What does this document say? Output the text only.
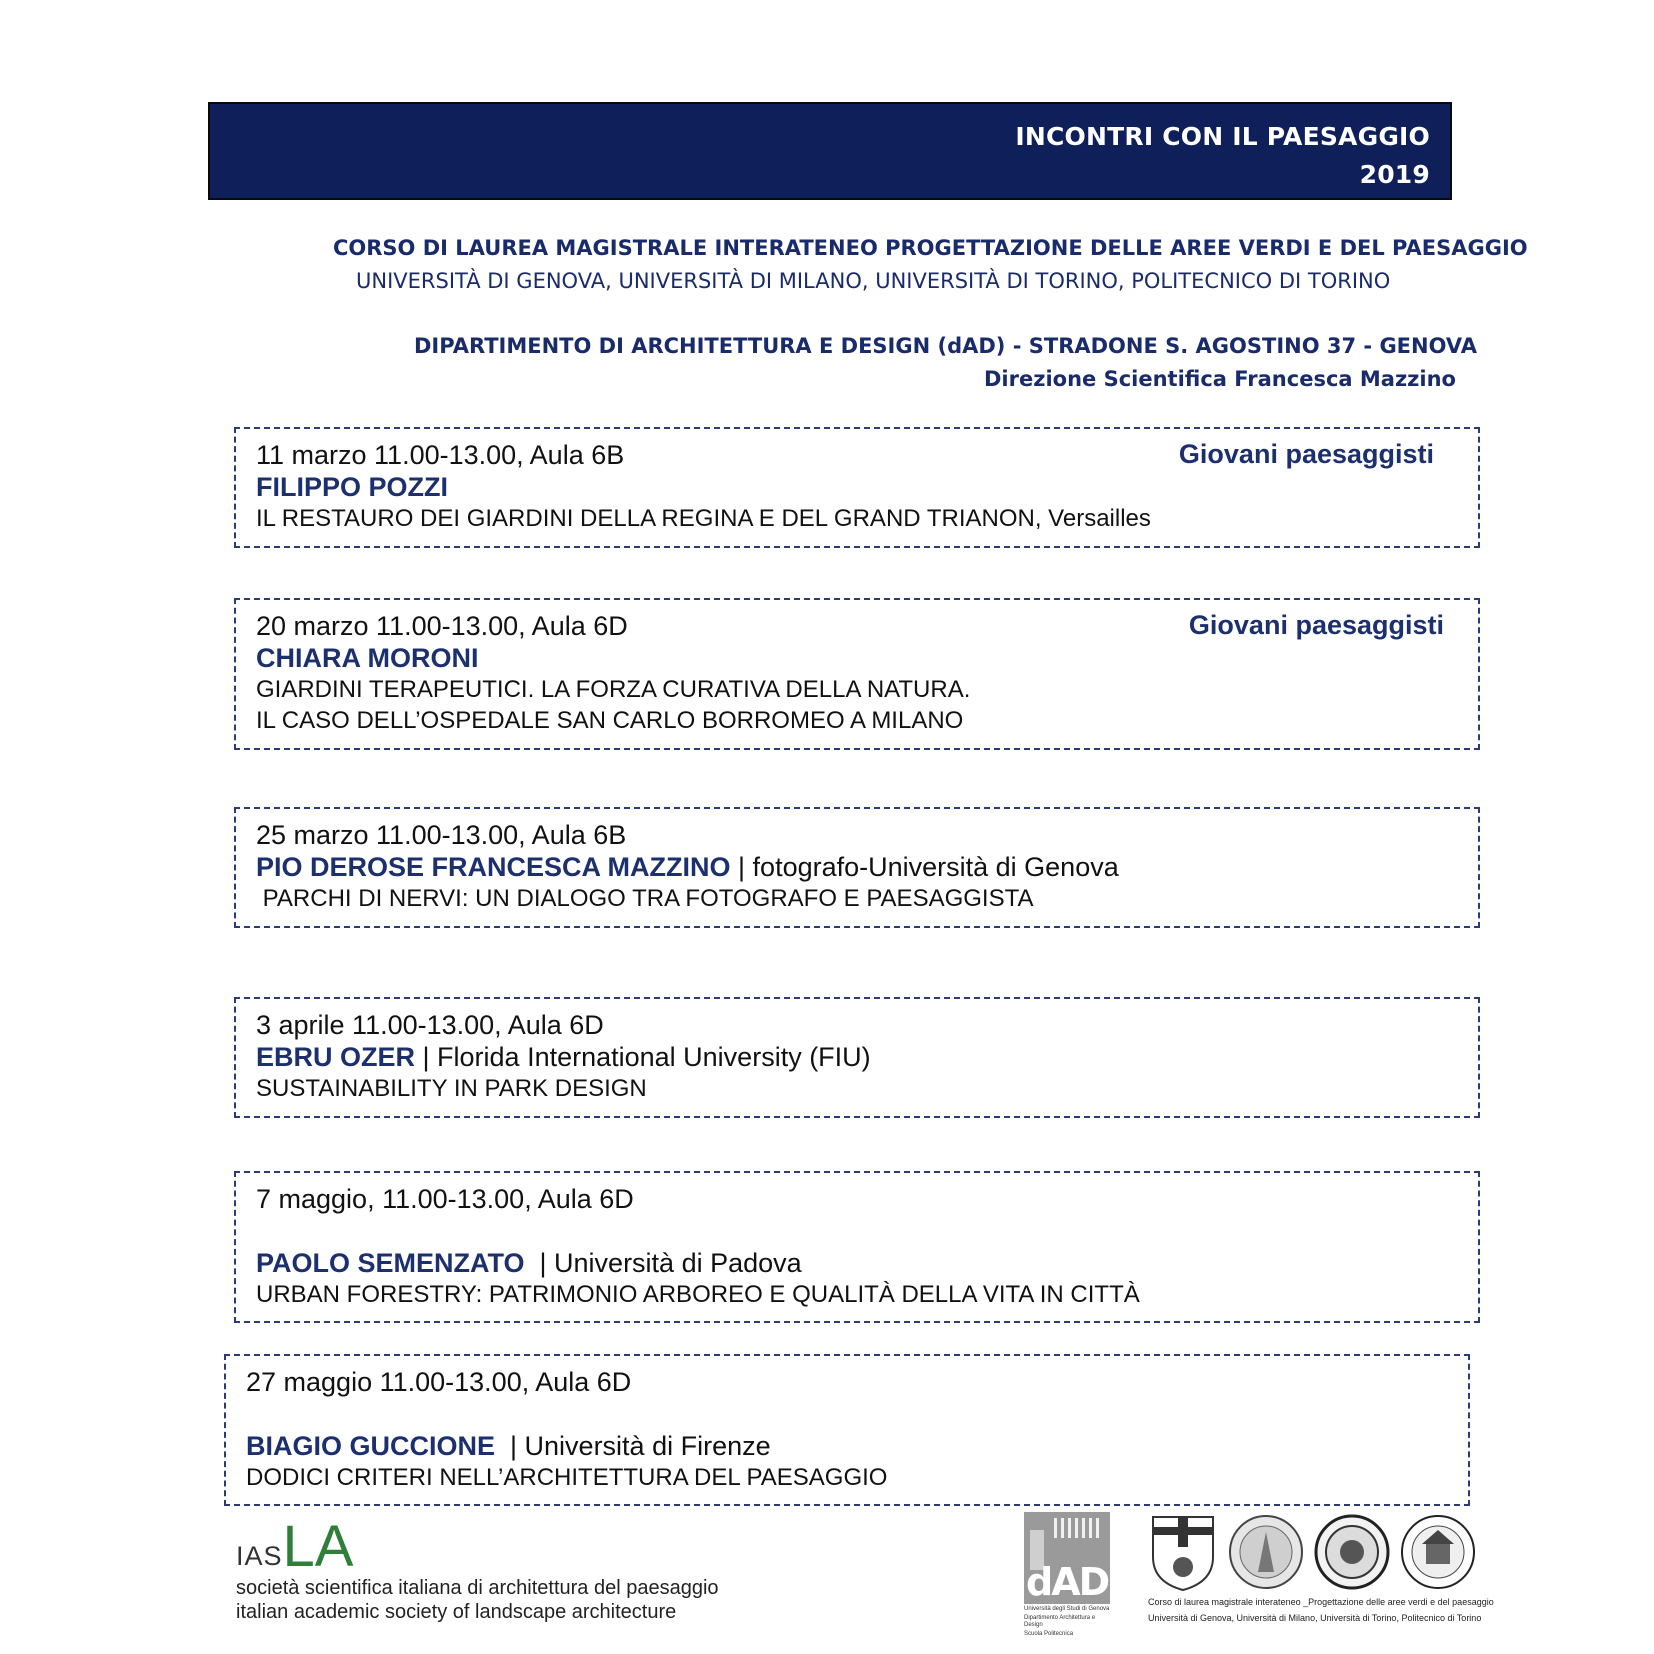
INCONTRI CON IL PAESAGGIO
2019
CORSO DI LAUREA MAGISTRALE INTERATENEO PROGETTAZIONE DELLE AREE VERDI E DEL PAESAGGIO
UNIVERSITÀ DI GENOVA, UNIVERSITÀ DI MILANO, UNIVERSITÀ DI TORINO, POLITECNICO DI TORINO
DIPARTIMENTO DI ARCHITETTURA E DESIGN (dAD) - STRADONE S. AGOSTINO 37 - GENOVA
Direzione Scientifica Francesca Mazzino
11 marzo 11.00-13.00, Aula 6B	Giovani paesaggisti
FILIPPO POZZI
IL RESTAURO DEI GIARDINI DELLA REGINA E DEL GRAND TRIANON, Versailles
20 marzo 11.00-13.00, Aula 6D	Giovani paesaggisti
CHIARA MORONI
GIARDINI TERAPEUTICI. LA FORZA CURATIVA DELLA NATURA.
IL CASO DELL’OSPEDALE SAN CARLO BORROMEO A MILANO
25 marzo 11.00-13.00, Aula 6B
PIO DEROSE FRANCESCA MAZZINO | fotografo-Università di Genova
PARCHI DI NERVI: UN DIALOGO TRA FOTOGRAFO E PAESAGGISTA
3 aprile 11.00-13.00, Aula 6D
EBRU OZER | Florida International University (FIU)
SUSTAINABILITY IN PARK DESIGN
7 maggio, 11.00-13.00, Aula 6D

PAOLO SEMENZATO  | Università di Padova
URBAN FORESTRY: PATRIMONIO ARBOREO E QUALITÀ DELLA VITA IN CITTÀ
27 maggio 11.00-13.00, Aula 6D

BIAGIO GUCCIONE  | Università di Firenze
DODICI CRITERI NELL’ARCHITETTURA DEL PAESAGGIO
IAS LA
società scientifica italiana di architettura del paesaggio
italian academic society of landscape architecture
dAD
Università degli Studi di Genova
Dipartimento Architettura e Design
Scuola Politecnica
Corso di laurea magistrale interateneo _Progettazione delle aree verdi e del paesaggio
Università di Genova, Università di Milano, Università di Torino, Politecnico di Torino
